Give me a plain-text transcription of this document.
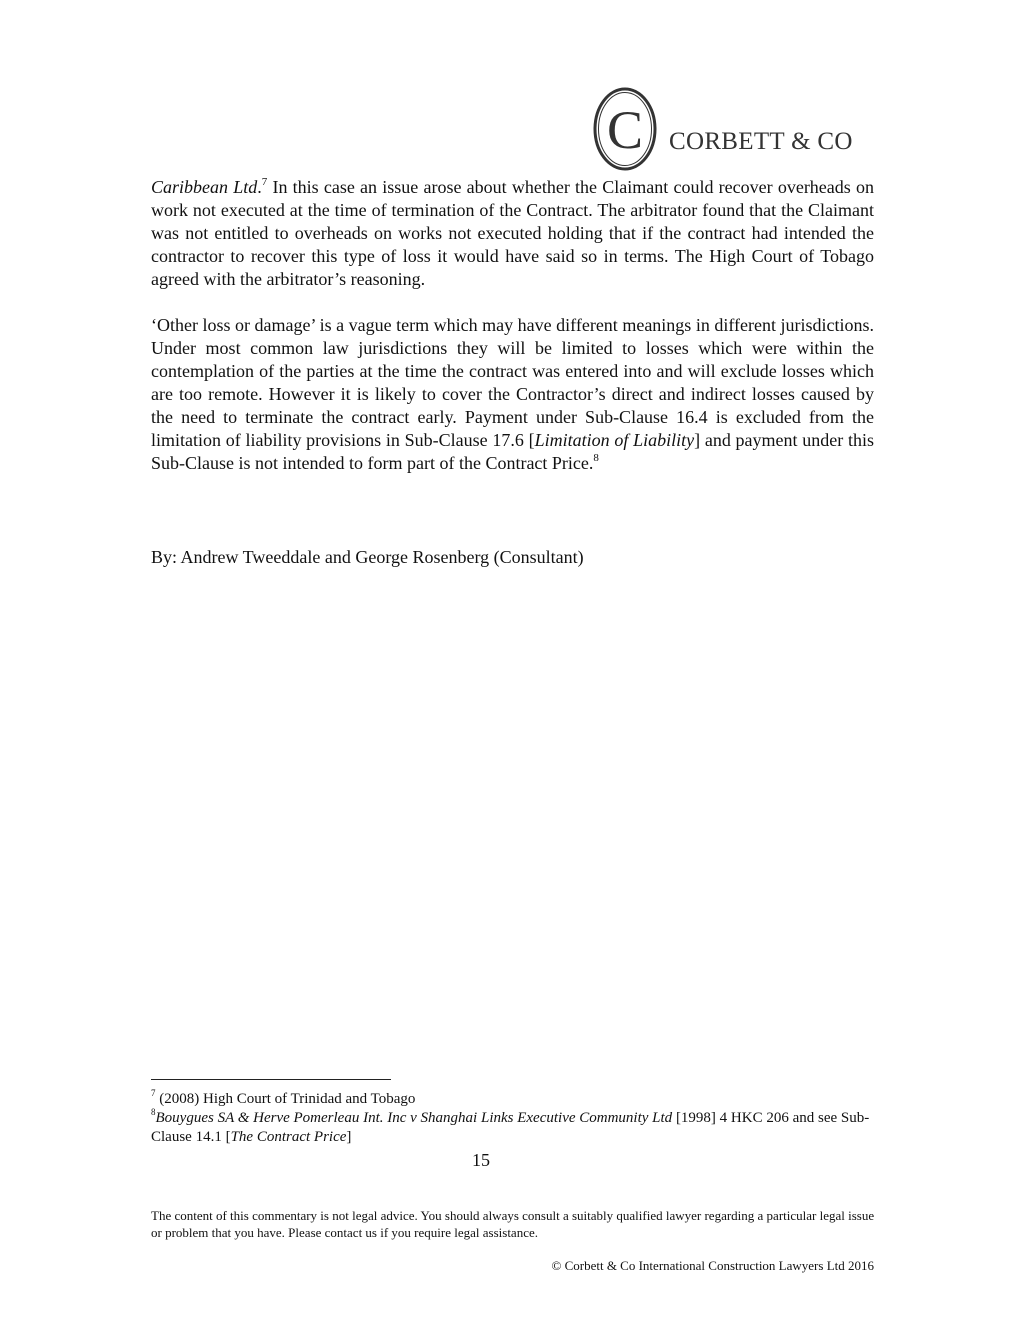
C CORBETT & CO

Caribbean Ltd.$^7$ In this case an issue arose about whether the Claimant could recover overheads on work not executed at the time of termination of the Contract. The arbitrator found that the Claimant was not entitled to overheads on works not executed holding that if the contract had intended the contractor to recover this type of loss it would have said so in terms. The High Court of Tobago agreed with the arbitrator’s reasoning.

‘Other loss or damage’ is a vague term which may have different meanings in different jurisdictions. Under most common law jurisdictions they will be limited to losses which were within the contemplation of the parties at the time the contract was entered into and will exclude losses which are too remote. However it is likely to cover the Contractor’s direct and indirect losses caused by the need to terminate the contract early. Payment under Sub-Clause 16.4 is excluded from the limitation of liability provisions in Sub-Clause 17.6 [Limitation of Liability] and payment under this Sub-Clause is not intended to form part of the Contract Price.$^8$

By: Andrew Tweeddale and George Rosenberg (Consultant)
$^7$ (2008) High Court of Trinidad and Tobago
$^8$Bouygues SA & Herve Pomerleau Int. Inc v Shanghai Links Executive Community Ltd [1998] 4 HKC 206 and see Sub-Clause 14.1 [The Contract Price]
15
The content of this commentary is not legal advice. You should always consult a suitably qualified lawyer regarding a particular legal issue or problem that you have. Please contact us if you require legal assistance.
© Corbett & Co International Construction Lawyers Ltd 2016
